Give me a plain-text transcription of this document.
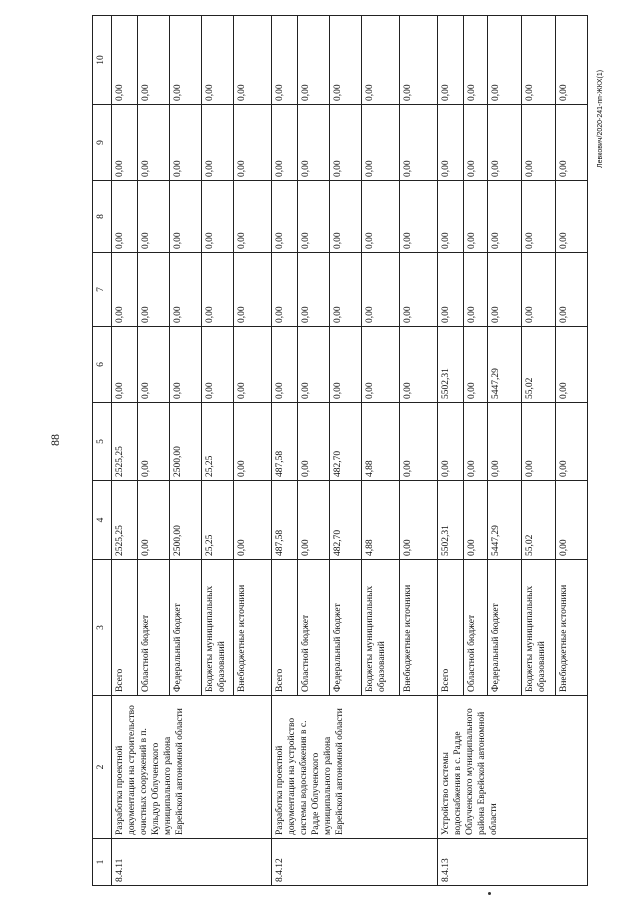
88
Левкович/2020-241-пп-ЖКХ(1)
1	2	3	4	5	6	7	8	9	10
8.4.11	Разработка проектной документации на строительство очистных сооружений в п. Кульдур Облученского муниципального района Еврейской автономной области	Всего	2525,25	2525,25	0,00	0,00	0,00	0,00	0,00
		Областной бюджет	0,00	0,00	0,00	0,00	0,00	0,00	0,00
		Федеральный бюджет	2500,00	2500,00	0,00	0,00	0,00	0,00	0,00
		Бюджеты муниципальных образований	25,25	25,25	0,00	0,00	0,00	0,00	0,00
		Внебюджетные источники	0,00	0,00	0,00	0,00	0,00	0,00	0,00
8.4.12	Разработка проектной документации на устройство системы водоснабжения в с. Радде Облученского муниципального района Еврейской автономной области	Всего	487,58	487,58	0,00	0,00	0,00	0,00	0,00
		Областной бюджет	0,00	0,00	0,00	0,00	0,00	0,00	0,00
		Федеральный бюджет	482,70	482,70	0,00	0,00	0,00	0,00	0,00
		Бюджеты муниципальных образований	4,88	4,88	0,00	0,00	0,00	0,00	0,00
		Внебюджетные источники	0,00	0,00	0,00	0,00	0,00	0,00	0,00
8.4.13	Устройство системы водоснабжения в с. Радде Облученского муниципального района Еврейской автономной области	Всего	5502,31	0,00	5502,31	0,00	0,00	0,00	0,00
		Областной бюджет	0,00	0,00	0,00	0,00	0,00	0,00	0,00
		Федеральный бюджет	5447,29	0,00	5447,29	0,00	0,00	0,00	0,00
		Бюджеты муниципальных образований	55,02	0,00	55,02	0,00	0,00	0,00	0,00
		Внебюджетные источники	0,00	0,00	0,00	0,00	0,00	0,00	0,00
